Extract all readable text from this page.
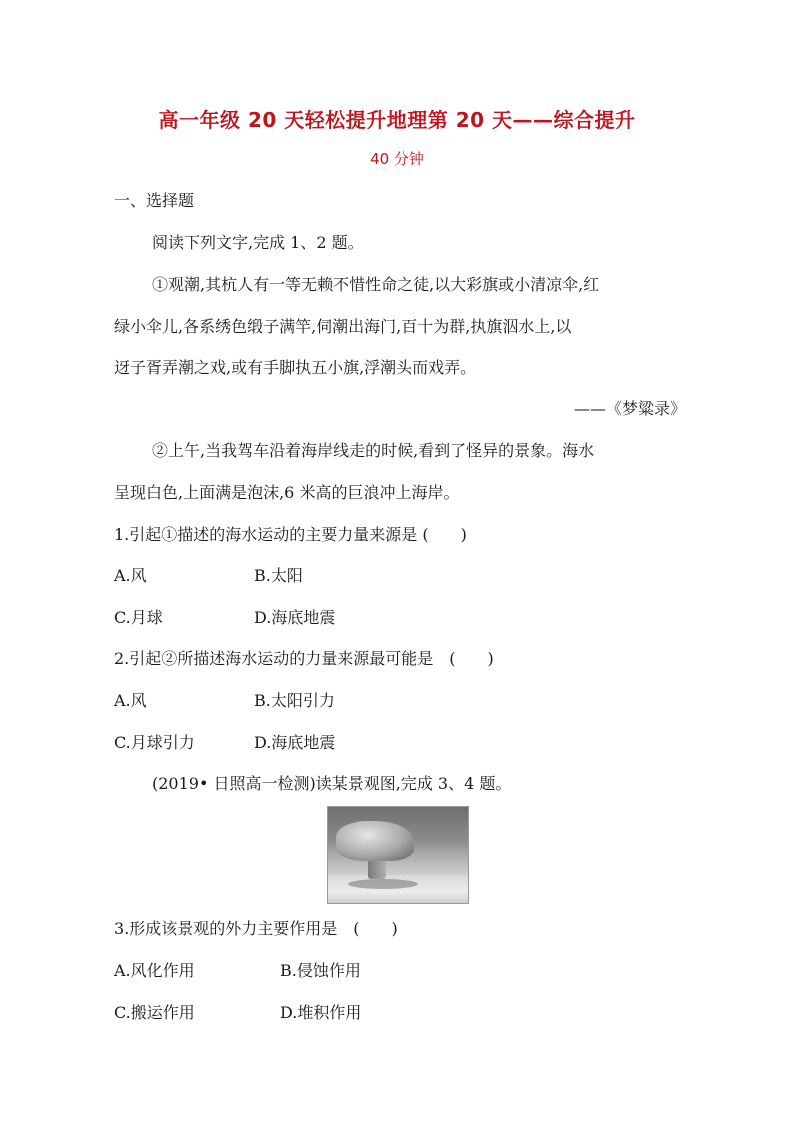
高一年级 20 天轻松提升地理第 20 天——综合提升
40 分钟
一、选择题
阅读下列文字,完成 1、2 题。
①观潮,其杭人有一等无赖不惜性命之徒,以大彩旗或小清凉伞,红
绿小伞儿,各系绣色缎子满竿,伺潮出海门,百十为群,执旗泅水上,以
迓子胥弄潮之戏,或有手脚执五小旗,浮潮头而戏弄。
——《梦粱录》
②上午,当我驾车沿着海岸线走的时候,看到了怪异的景象。海水
呈现白色,上面满是泡沫,6 米高的巨浪冲上海岸。
1.引起①描述的海水运动的主要力量来源是 (　　)
A.风	B.太阳
C.月球	D.海底地震
2.引起②所描述海水运动的力量来源最可能是　(　　)
A.风	B.太阳引力
C.月球引力	D.海底地震
(2019• 日照高一检测)读某景观图,完成 3、4 题。
3.形成该景观的外力主要作用是　(　　)
A.风化作用	B.侵蚀作用
C.搬运作用	D.堆积作用
